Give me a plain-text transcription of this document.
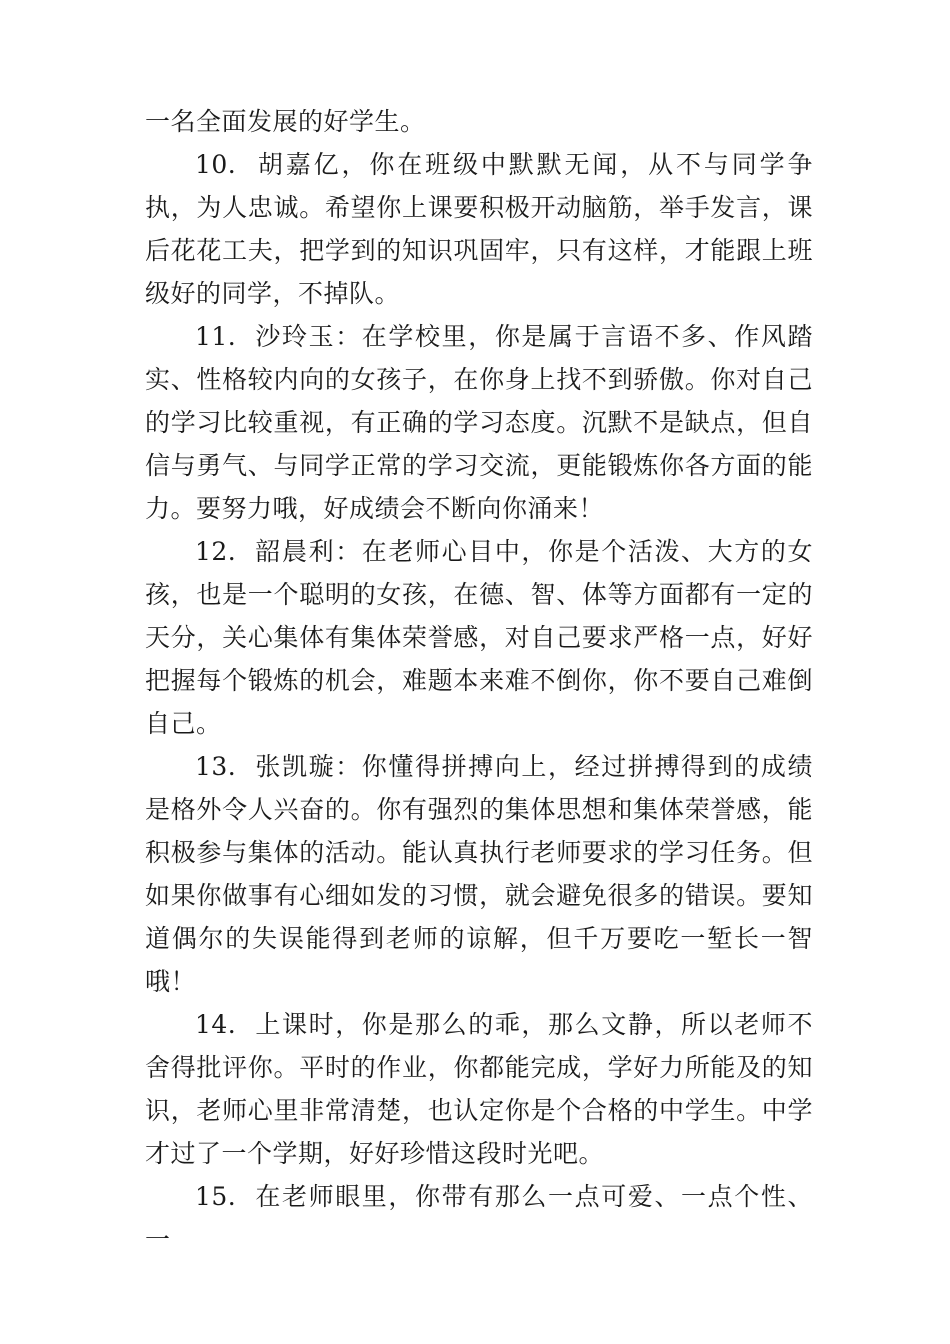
一名全面发展的好学生。

10. 胡嘉亿，你在班级中默默无闻，从不与同学争执，为人忠诚。希望你上课要积极开动脑筋，举手发言，课后花花工夫，把学到的知识巩固牢，只有这样，才能跟上班级好的同学，不掉队。

11. 沙玲玉：在学校里，你是属于言语不多、作风踏实、性格较内向的女孩子，在你身上找不到骄傲。你对自己的学习比较重视，有正确的学习态度。沉默不是缺点，但自信与勇气、与同学正常的学习交流，更能锻炼你各方面的能力。要努力哦，好成绩会不断向你涌来！

12. 韶晨利：在老师心目中，你是个活泼、大方的女孩，也是一个聪明的女孩，在德、智、体等方面都有一定的天分，关心集体有集体荣誉感，对自己要求严格一点，好好把握每个锻炼的机会，难题本来难不倒你，你不要自己难倒自己。

13. 张凯璇：你懂得拼搏向上，经过拼搏得到的成绩是格外令人兴奋的。你有强烈的集体思想和集体荣誉感，能积极参与集体的活动。能认真执行老师要求的学习任务。但如果你做事有心细如发的习惯，就会避免很多的错误。要知道偶尔的失误能得到老师的谅解，但千万要吃一堑长一智哦！

14. 上课时，你是那么的乖，那么文静，所以老师不舍得批评你。平时的作业，你都能完成，学好力所能及的知识，老师心里非常清楚，也认定你是个合格的中学生。中学才过了一个学期，好好珍惜这段时光吧。

15. 在老师眼里，你带有那么一点可爱、一点个性、一
